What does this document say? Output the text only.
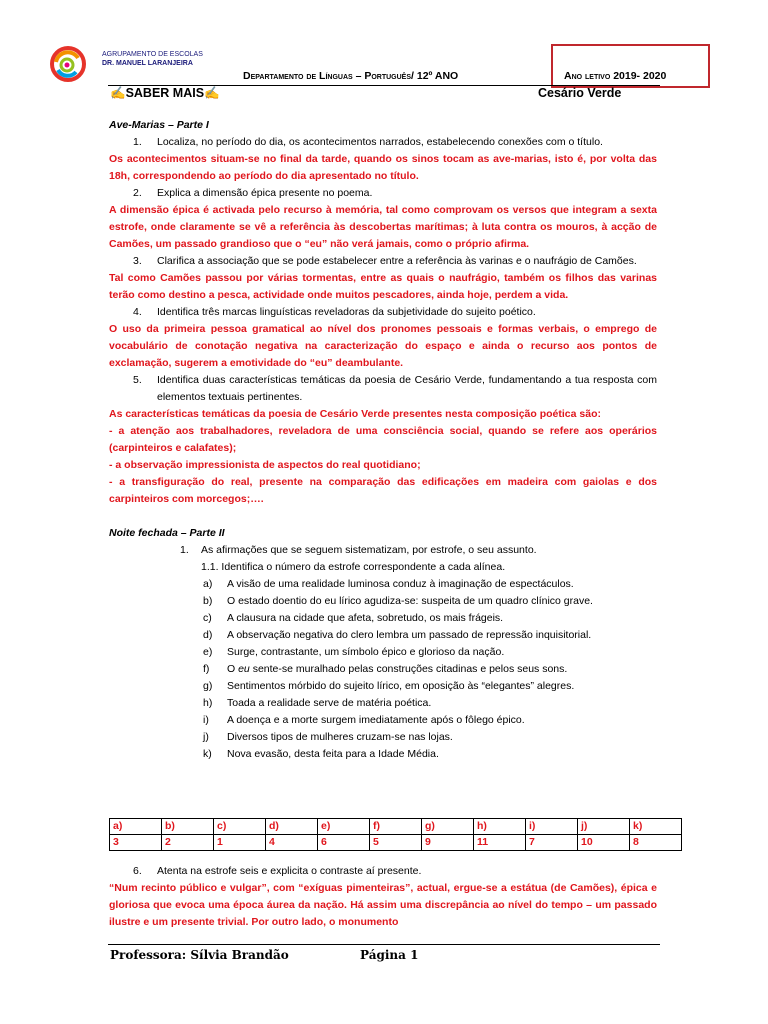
AGRUPAMENTO DE ESCOLAS
DR. MANUEL LARANJEIRA
Departamento de Línguas – Português/ 12º ANO	Ano letivo 2019- 2020
✍SABER MAIS✍	Cesário Verde
Ave-Marias – Parte I
1.	Localiza, no período do dia, os acontecimentos narrados, estabelecendo conexões com o título.
Os acontecimentos situam-se no final da tarde, quando os sinos tocam as ave-marias, isto é, por volta das 18h, correspondendo ao período do dia apresentado no título.
2.	Explica a dimensão épica presente no poema.
A dimensão épica é activada pelo recurso à memória, tal como comprovam os versos que integram a sexta estrofe, onde claramente se vê a referência às descobertas marítimas; à luta contra os mouros, à acção de Camões, um passado grandioso que o “eu” não verá jamais, como o próprio afirma.
3.	Clarifica a associação que se pode estabelecer entre a referência às varinas e o naufrágio de Camões.
Tal como Camões passou por várias tormentas, entre as quais o naufrágio, também os filhos das varinas terão como destino a pesca, actividade onde muitos pescadores, ainda hoje, perdem a vida.
4.	Identifica três marcas linguísticas reveladoras da subjetividade do sujeito poético.
O uso da primeira pessoa gramatical ao nível dos pronomes pessoais e formas verbais, o emprego de vocabulário de conotação negativa na caracterização do espaço e ainda o recurso aos pontos de exclamação, sugerem a emotividade do “eu” deambulante.
5.	Identifica duas características temáticas da poesia de Cesário Verde, fundamentando a tua resposta com elementos textuais pertinentes.
As características temáticas da poesia de Cesário Verde presentes nesta composição poética são:
- a atenção aos trabalhadores, reveladora de uma consciência social, quando se refere aos operários (carpinteiros e calafates);
- a observação impressionista de aspectos do real quotidiano;
- a transfiguração do real, presente na comparação das edificações em madeira com gaiolas e dos carpinteiros com morcegos;….
Noite fechada – Parte II
1.	As afirmações que se seguem sistematizam, por estrofe, o seu assunto.
1.1. Identifica o número da estrofe correspondente a cada alínea.
a)	A visão de uma realidade luminosa conduz à imaginação de espectáculos.
b)	O estado doentio do eu lírico agudiza-se: suspeita de um quadro clínico grave.
c)	A clausura na cidade que afeta, sobretudo, os mais frágeis.
d)	A observação negativa do clero lembra um passado de repressão inquisitorial.
e)	Surge, contrastante, um símbolo épico e glorioso da nação.
f)	O eu sente-se muralhado pelas construções citadinas e pelos seus sons.
g)	Sentimentos mórbido do sujeito lírico, em oposição às “elegantes” alegres.
h)	Toada a realidade serve de matéria poética.
i)	A doença e a morte surgem imediatamente após o fôlego épico.
j)	Diversos tipos de mulheres cruzam-se nas lojas.
k)	Nova evasão, desta feita para a Idade Média.
a)	b)	c)	d)	e)	f)	g)	h)	i)	j)	k)
3	2	1	4	6	5	9	11	7	10	8
6.	Atenta na estrofe seis e explicita o contraste aí presente.
“Num recinto público e vulgar”, com “exíguas pimenteiras”, actual, ergue-se a estátua (de Camões), épica e gloriosa que evoca uma época áurea da nação. Há assim uma discrepância ao nível do tempo – um passado ilustre e um presente trivial. Por outro lado, o monumento
Professora: Sílvia Brandão	Página 1
